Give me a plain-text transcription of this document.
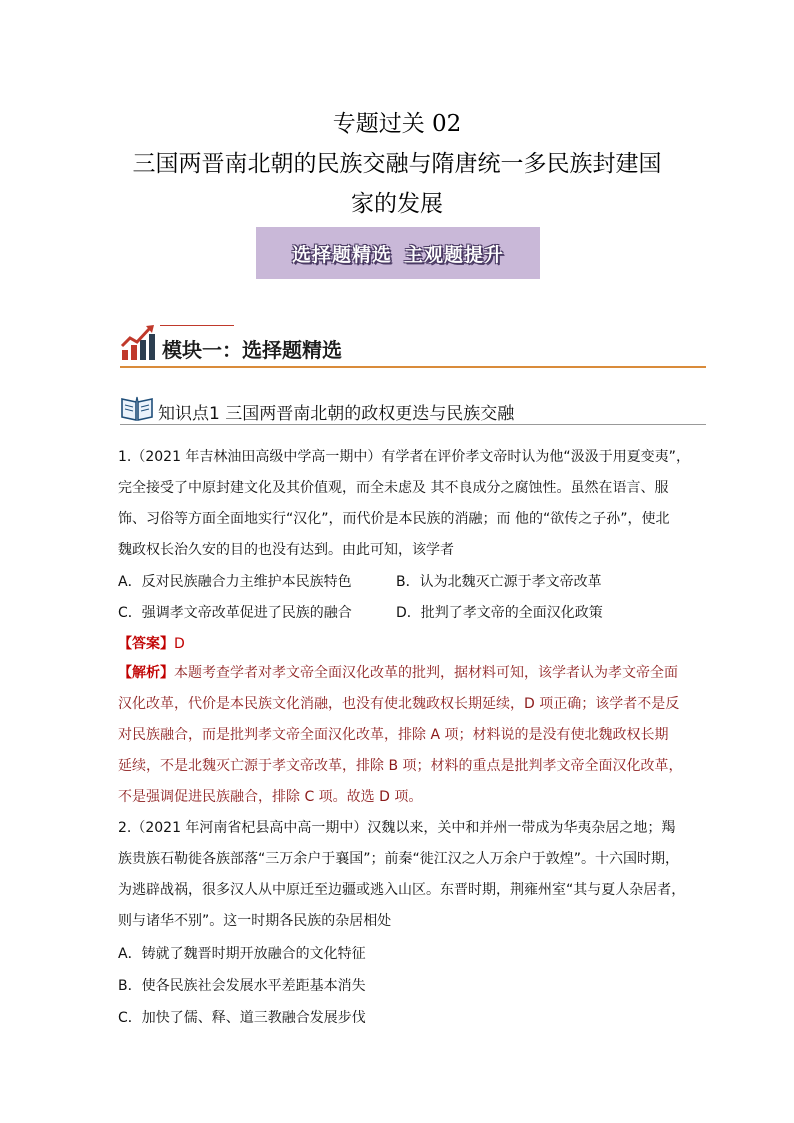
专题过关 02
三国两晋南北朝的民族交融与隋唐统一多民族封建国
家的发展
选择题精选 主观题提升
模块一：选择题精选
知识点1 三国两晋南北朝的政权更迭与民族交融
1.（2021 年吉林油田高级中学高一期中）有学者在评价孝文帝时认为他“汲汲于用夏变夷”，
完全接受了中原封建文化及其价值观，而全未虑及 其不良成分之腐蚀性。虽然在语言、服
饰、习俗等方面全面地实行“汉化”，而代价是本民族的消融；而 他的“欲传之子孙”，使北
魏政权长治久安的目的也没有达到。由此可知，该学者
A．反对民族融合力主维护本民族特色	B．认为北魏灭亡源于孝文帝改革
C．强调孝文帝改革促进了民族的融合	D．批判了孝文帝的全面汉化政策
【答案】D
【解析】本题考查学者对孝文帝全面汉化改革的批判，据材料可知，该学者认为孝文帝全面
汉化改革，代价是本民族文化消融，也没有使北魏政权长期延续，D 项正确；该学者不是反
对民族融合，而是批判孝文帝全面汉化改革，排除 A 项；材料说的是没有使北魏政权长期
延续，不是北魏灭亡源于孝文帝改革，排除 B 项；材料的重点是批判孝文帝全面汉化改革，
不是强调促进民族融合，排除 C 项。故选 D 项。
2.（2021 年河南省杞县高中高一期中）汉魏以来，关中和并州一带成为华夷杂居之地；羯
族贵族石勒徙各族部落“三万余户于襄国”；前秦“徙江汉之人万余户于敦煌”。十六国时期，
为逃辟战祸，很多汉人从中原迁至边疆或逃入山区。东晋时期，荆雍州室“其与夏人杂居者，
则与诸华不别”。这一时期各民族的杂居相处
A．铸就了魏晋时期开放融合的文化特征
B．使各民族社会发展水平差距基本消失
C．加快了儒、释、道三教融合发展步伐
